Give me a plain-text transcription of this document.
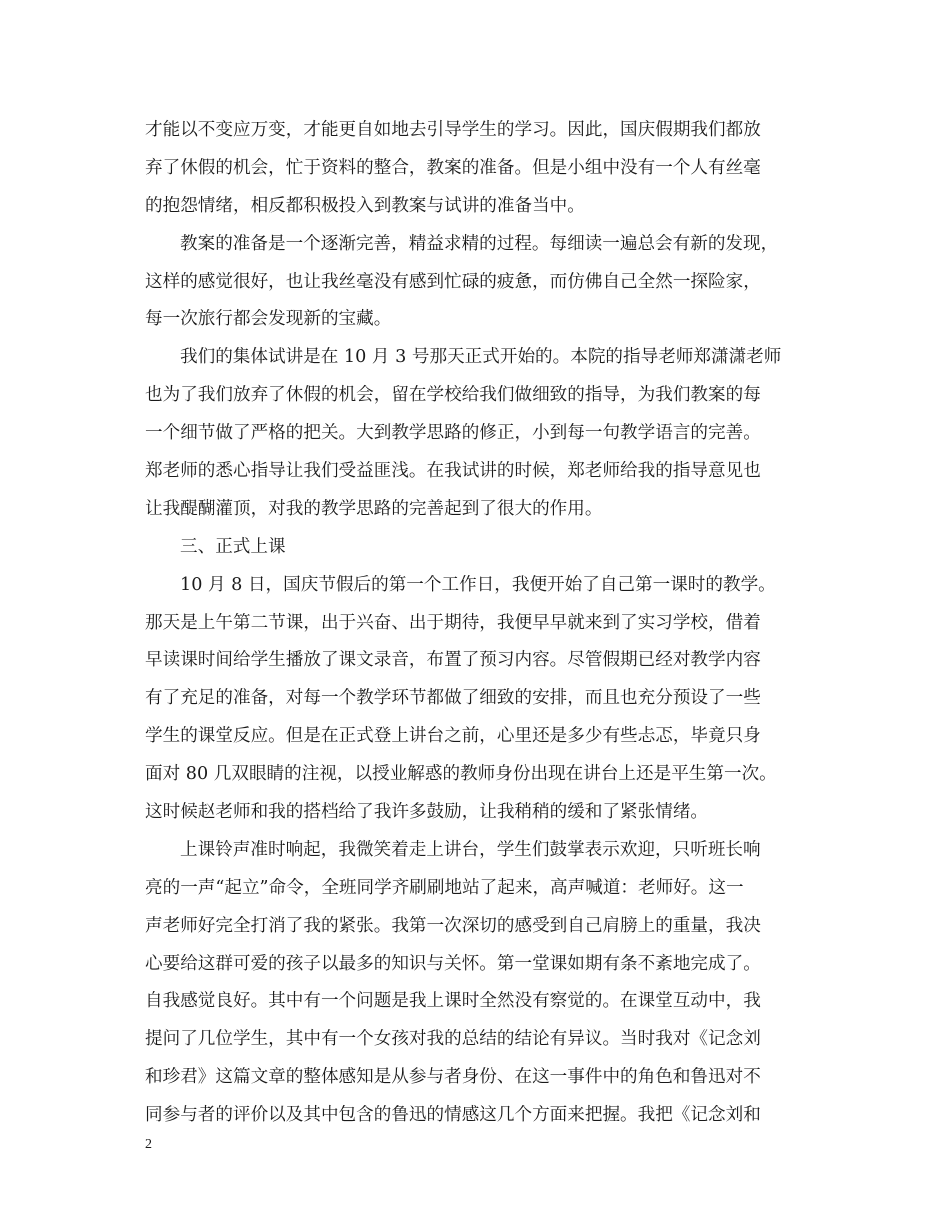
才能以不变应万变，才能更自如地去引导学生的学习。因此，国庆假期我们都放
弃了休假的机会，忙于资料的整合，教案的准备。但是小组中没有一个人有丝毫
的抱怨情绪，相反都积极投入到教案与试讲的准备当中。
教案的准备是一个逐渐完善，精益求精的过程。每细读一遍总会有新的发现，
这样的感觉很好，也让我丝毫没有感到忙碌的疲惫，而仿佛自己全然一探险家，
每一次旅行都会发现新的宝藏。
我们的集体试讲是在 10 月 3 号那天正式开始的。本院的指导老师郑潇潇老师
也为了我们放弃了休假的机会，留在学校给我们做细致的指导，为我们教案的每
一个细节做了严格的把关。大到教学思路的修正，小到每一句教学语言的完善。
郑老师的悉心指导让我们受益匪浅。在我试讲的时候，郑老师给我的指导意见也
让我醍醐灌顶，对我的教学思路的完善起到了很大的作用。
三、正式上课
10 月 8 日，国庆节假后的第一个工作日，我便开始了自己第一课时的教学。
那天是上午第二节课，出于兴奋、出于期待，我便早早就来到了实习学校，借着
早读课时间给学生播放了课文录音，布置了预习内容。尽管假期已经对教学内容
有了充足的准备，对每一个教学环节都做了细致的安排，而且也充分预设了一些
学生的课堂反应。但是在正式登上讲台之前，心里还是多少有些忐忑，毕竟只身
面对 80 几双眼睛的注视，以授业解惑的教师身份出现在讲台上还是平生第一次。
这时候赵老师和我的搭档给了我许多鼓励，让我稍稍的缓和了紧张情绪。
上课铃声准时响起，我微笑着走上讲台，学生们鼓掌表示欢迎，只听班长响
亮的一声“起立”命令，全班同学齐刷刷地站了起来，高声喊道：老师好。这一
声老师好完全打消了我的紧张。我第一次深切的感受到自己肩膀上的重量，我决
心要给这群可爱的孩子以最多的知识与关怀。第一堂课如期有条不紊地完成了。
自我感觉良好。其中有一个问题是我上课时全然没有察觉的。在课堂互动中，我
提问了几位学生，其中有一个女孩对我的总结的结论有异议。当时我对《记念刘
和珍君》这篇文章的整体感知是从参与者身份、在这一事件中的角色和鲁迅对不
同参与者的评价以及其中包含的鲁迅的情感这几个方面来把握。我把《记念刘和
2
